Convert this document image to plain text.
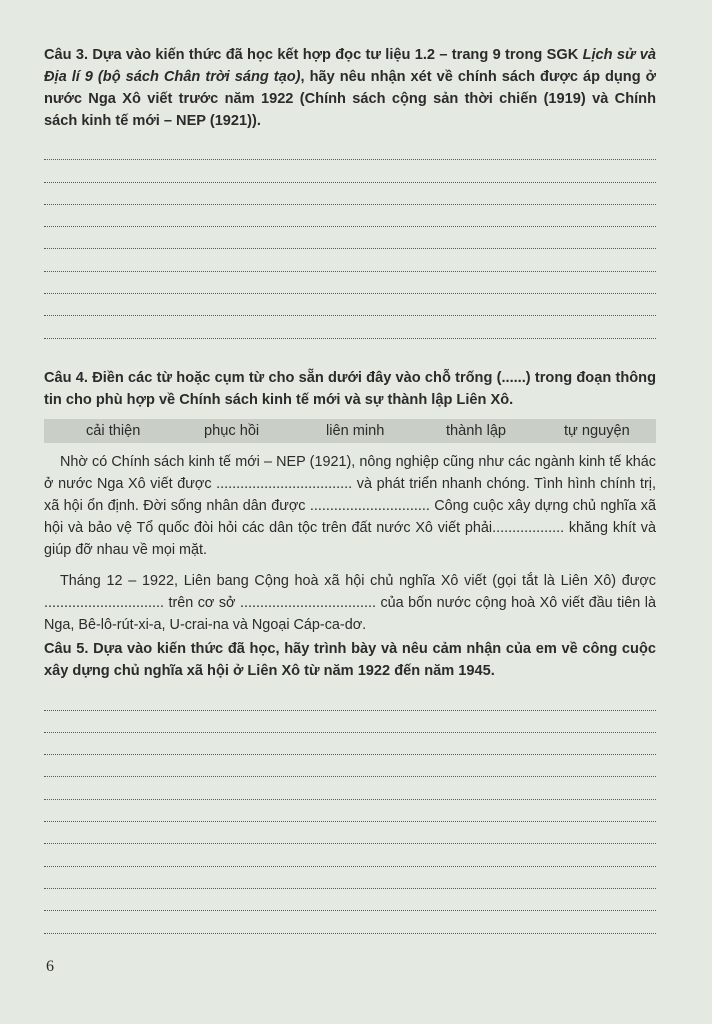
Câu 3. Dựa vào kiến thức đã học kết hợp đọc tư liệu 1.2 – trang 9 trong SGK Lịch sử và Địa lí 9 (bộ sách Chân trời sáng tạo), hãy nêu nhận xét về chính sách được áp dụng ở nước Nga Xô viết trước năm 1922 (Chính sách cộng sản thời chiến (1919) và Chính sách kinh tế mới – NEP (1921)).

Câu 4. Điền các từ hoặc cụm từ cho sẵn dưới đây vào chỗ trống (......) trong đoạn thông tin cho phù hợp về Chính sách kinh tế mới và sự thành lập Liên Xô.

cải thiện	phục hồi	liên minh	thành lập	tự nguyện

Nhờ có Chính sách kinh tế mới – NEP (1921), nông nghiệp cũng như các ngành kinh tế khác ở nước Nga Xô viết được .................................. và phát triển nhanh chóng. Tình hình chính trị, xã hội ổn định. Đời sống nhân dân được .............................. Công cuộc xây dựng chủ nghĩa xã hội và bảo vệ Tổ quốc đòi hỏi các dân tộc trên đất nước Xô viết phải.................. khăng khít và giúp đỡ nhau về mọi mặt.

Tháng 12 – 1922, Liên bang Cộng hoà xã hội chủ nghĩa Xô viết (gọi tắt là Liên Xô) được .............................. trên cơ sở .................................. của bốn nước cộng hoà Xô viết đầu tiên là Nga, Bê-lô-rút-xi-a, U-crai-na và Ngoại Cáp-ca-dơ.

Câu 5. Dựa vào kiến thức đã học, hãy trình bày và nêu cảm nhận của em về công cuộc xây dựng chủ nghĩa xã hội ở Liên Xô từ năm 1922 đến năm 1945.

6
